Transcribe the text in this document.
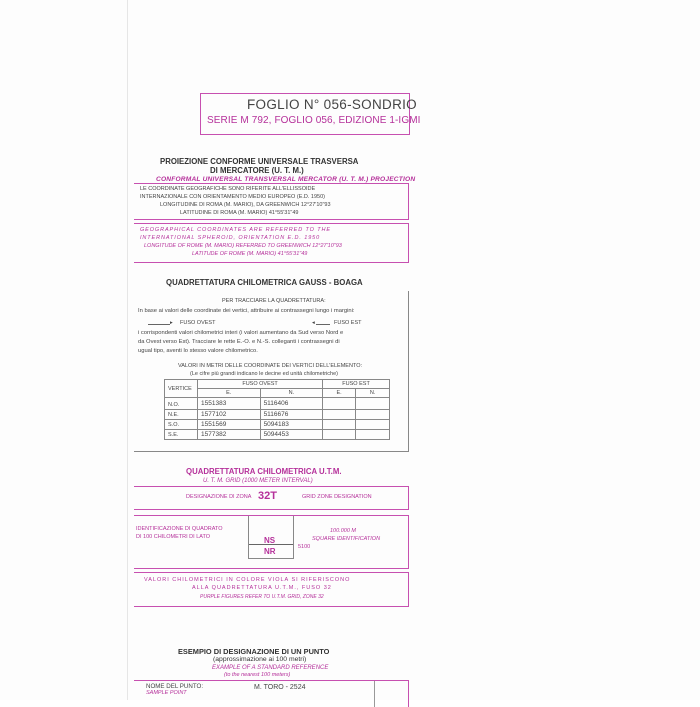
FOGLIO N° 056-SONDRIO
SERIE M 792, FOGLIO 056, EDIZIONE 1-IGMI
PROIEZIONE CONFORME UNIVERSALE TRASVERSA
DI MERCATORE (U. T. M.)
CONFORMAL UNIVERSAL TRANSVERSAL MERCATOR (U. T. M.) PROJECTION
LE COORDINATE GEOGRAFICHE SONO RIFERITE ALL'ELLISSOIDE
INTERNAZIONALE CON ORIENTAMENTO MEDIO EUROPEO (E.D. 1950)
LONGITUDINE DI ROMA (M. MARIO), DA GREENWICH 12°27'10"93
LATITUDINE DI ROMA (M. MARIO) 41°55'31"49
GEOGRAPHICAL COORDINATES ARE REFERRED TO THE
INTERNATIONAL SPHEROID, ORIENTATION E.D. 1950
LONGITUDE OF ROME (M. MARIO) REFERRED TO GREENWICH 12°27'10"93
LATITUDE OF ROME (M. MARIO) 41°55'31"49
QUADRETTATURA CHILOMETRICA GAUSS - BOAGA
PER TRACCIARE LA QUADRETTATURA:
In base ai valori delle coordinate dei vertici, attribuire ai contrassegni lungo i margini:
▸ FUSO OVEST	◂	FUSO EST
i corrispondenti valori chilometrici interi (i valori aumentano da Sud verso Nord e
da Ovest verso Est). Tracciare le rette E.-O. e N.-S. colleganti i contrassegni di
ugual tipo, aventi lo stesso valore chilometrico.
VALORI IN METRI DELLE COORDINATE DEI VERTICI DELL'ELEMENTO:
(Le cifre più grandi indicano le decine ed unità chilometriche)
VERTICE	FUSO OVEST		FUSO EST	
	E.	N.	E.	N.
N.O.	1551383	5116406		
N.E.	1577102	5116676		
S.O.	1551569	5094183		
S.E.	1577382	5094453		
QUADRETTATURA CHILOMETRICA U.T.M.
U. T. M. GRID (1000 METER INTERVAL)
DESIGNAZIONE DI ZONA 32T	GRID ZONE DESIGNATION
IDENTIFICAZIONE DI QUADRATO
DI 100 CHILOMETRI DI LATO	NS
NR	5100
100.000 M
SQUARE IDENTIFICATION
VALORI CHILOMETRICI IN COLORE VIOLA SI RIFERISCONO
ALLA QUADRETTATURA U.T.M., FUSO 32
PURPLE FIGURES REFER TO U.T.M. GRID, ZONE 32
ESEMPIO DI DESIGNAZIONE DI UN PUNTO
(approssimazione ai 100 metri)
EXAMPLE OF A STANDARD REFERENCE
(to the nearest 100 meters)
NOME DEL PUNTO:
SAMPLE POINT
M. TORO - 2524
